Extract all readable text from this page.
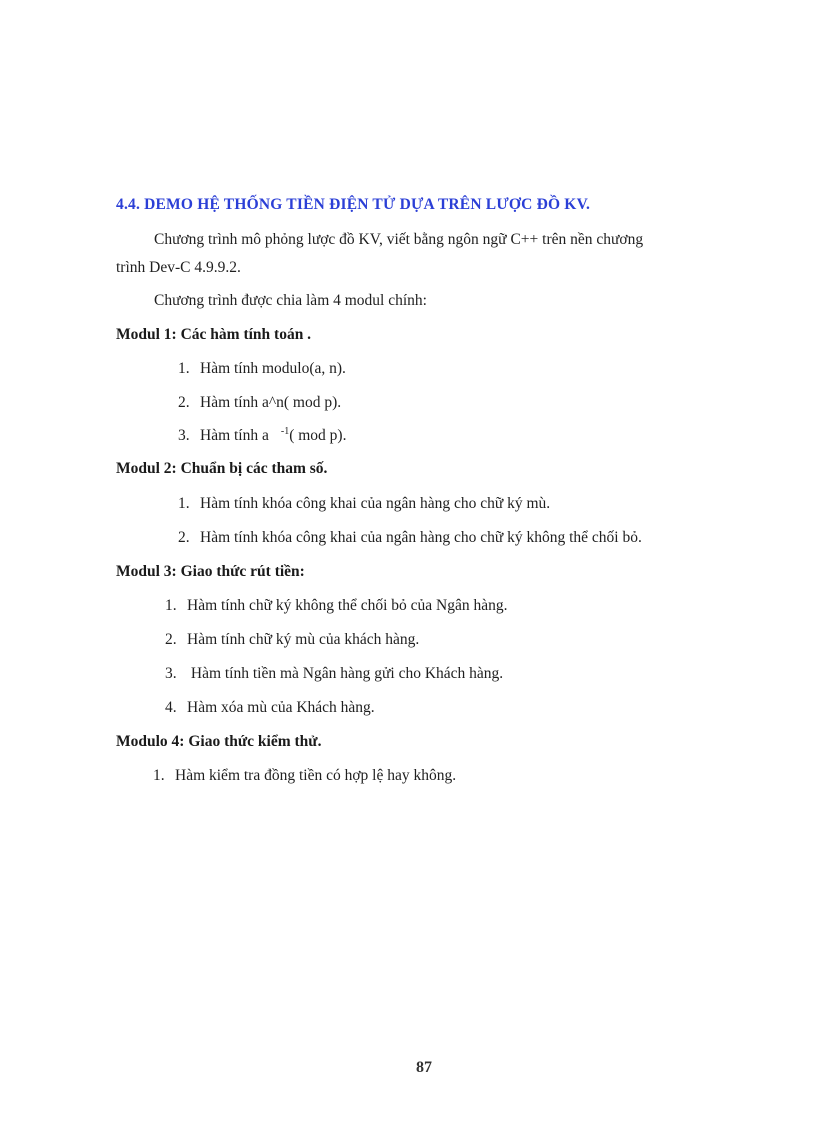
4.4. DEMO HỆ THỐNG TIỀN ĐIỆN TỬ DỰA TRÊN LƯỢC ĐỒ KV.
Chương trình mô phỏng lược đồ KV, viết bằng ngôn ngữ C++ trên nền chương
trình Dev-C 4.9.9.2.
Chương trình được chia làm 4 modul chính:
Modul 1: Các hàm tính toán .
1. Hàm tính modulo(a, n).
2. Hàm tính a^n( mod p).
3. Hàm tính a $^{-1}$( mod p).
Modul 2: Chuẩn bị các tham số.
1. Hàm tính khóa công khai của ngân hàng cho chữ ký mù.
2. Hàm tính khóa công khai của ngân hàng cho chữ ký không thể chối bỏ.
Modul 3: Giao thức rút tiền:
1. Hàm tính chữ ký không thể chối bỏ của Ngân hàng.
2. Hàm tính chữ ký mù của khách hàng.
3. Hàm tính tiền mà Ngân hàng gửi cho Khách hàng.
4. Hàm xóa mù của Khách hàng.
Modulo 4: Giao thức kiểm thử.
1. Hàm kiểm tra đồng tiền có hợp lệ hay không.
87
